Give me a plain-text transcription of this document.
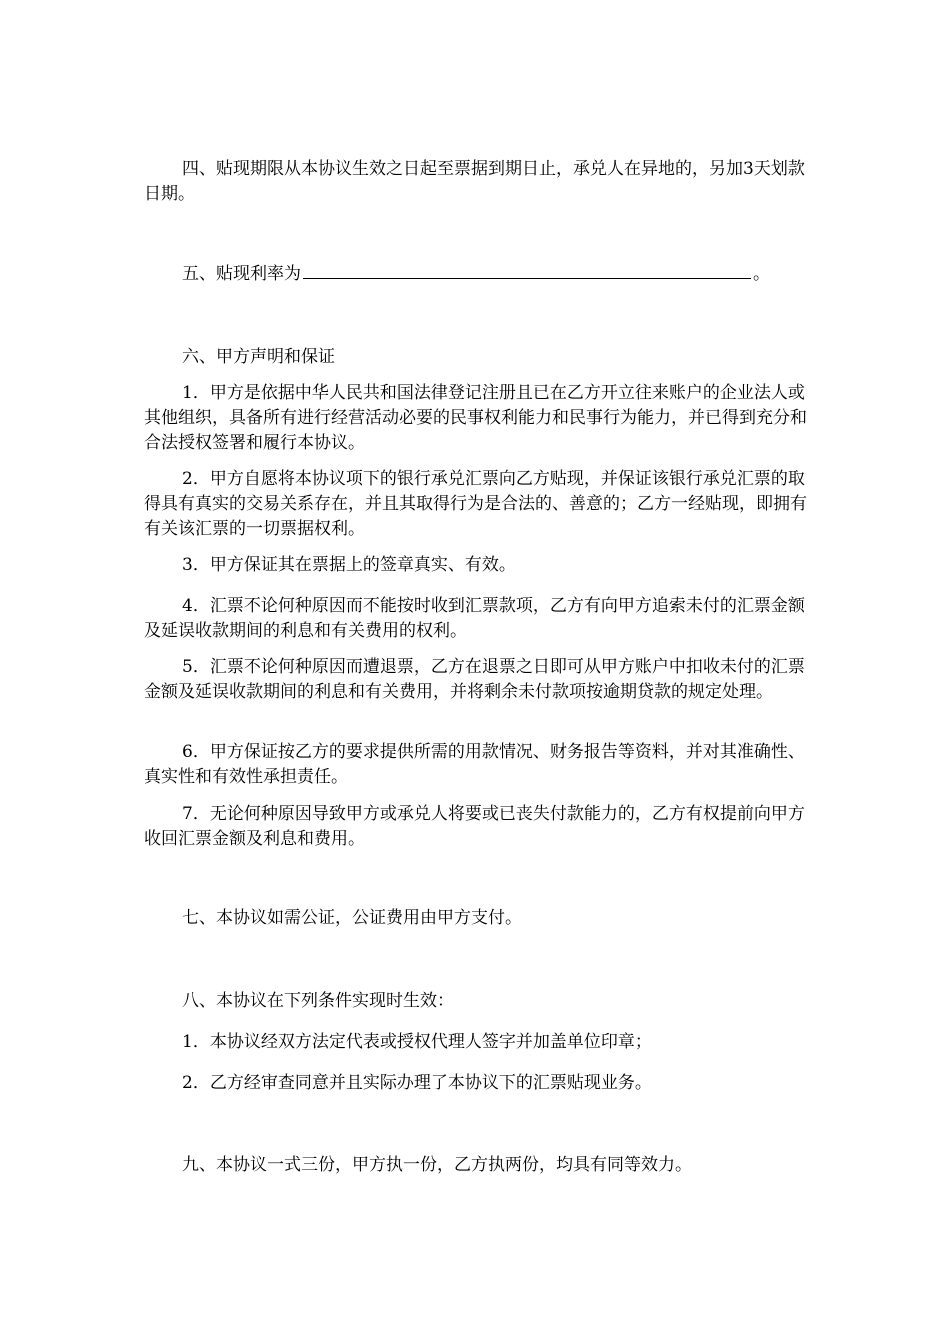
四、贴现期限从本协议生效之日起至票据到期日止，承兑人在异地的，另加3天划款日期。

五、贴现利率为	。

六、甲方声明和保证

1．甲方是依据中华人民共和国法律登记注册且已在乙方开立往来账户的企业法人或其他组织，具备所有进行经营活动必要的民事权利能力和民事行为能力，并已得到充分和合法授权签署和履行本协议。

2．甲方自愿将本协议项下的银行承兑汇票向乙方贴现，并保证该银行承兑汇票的取得具有真实的交易关系存在，并且其取得行为是合法的、善意的；乙方一经贴现，即拥有有关该汇票的一切票据权利。

3．甲方保证其在票据上的签章真实、有效。

4．汇票不论何种原因而不能按时收到汇票款项，乙方有向甲方追索未付的汇票金额及延误收款期间的利息和有关费用的权利。

5．汇票不论何种原因而遭退票，乙方在退票之日即可从甲方账户中扣收未付的汇票金额及延误收款期间的利息和有关费用，并将剩余未付款项按逾期贷款的规定处理。

6．甲方保证按乙方的要求提供所需的用款情况、财务报告等资料，并对其准确性、真实性和有效性承担责任。

7．无论何种原因导致甲方或承兑人将要或已丧失付款能力的，乙方有权提前向甲方收回汇票金额及利息和费用。

七、本协议如需公证，公证费用由甲方支付。

八、本协议在下列条件实现时生效：

1．本协议经双方法定代表或授权代理人签字并加盖单位印章；

2．乙方经审查同意并且实际办理了本协议下的汇票贴现业务。

九、本协议一式三份，甲方执一份，乙方执两份，均具有同等效力。
